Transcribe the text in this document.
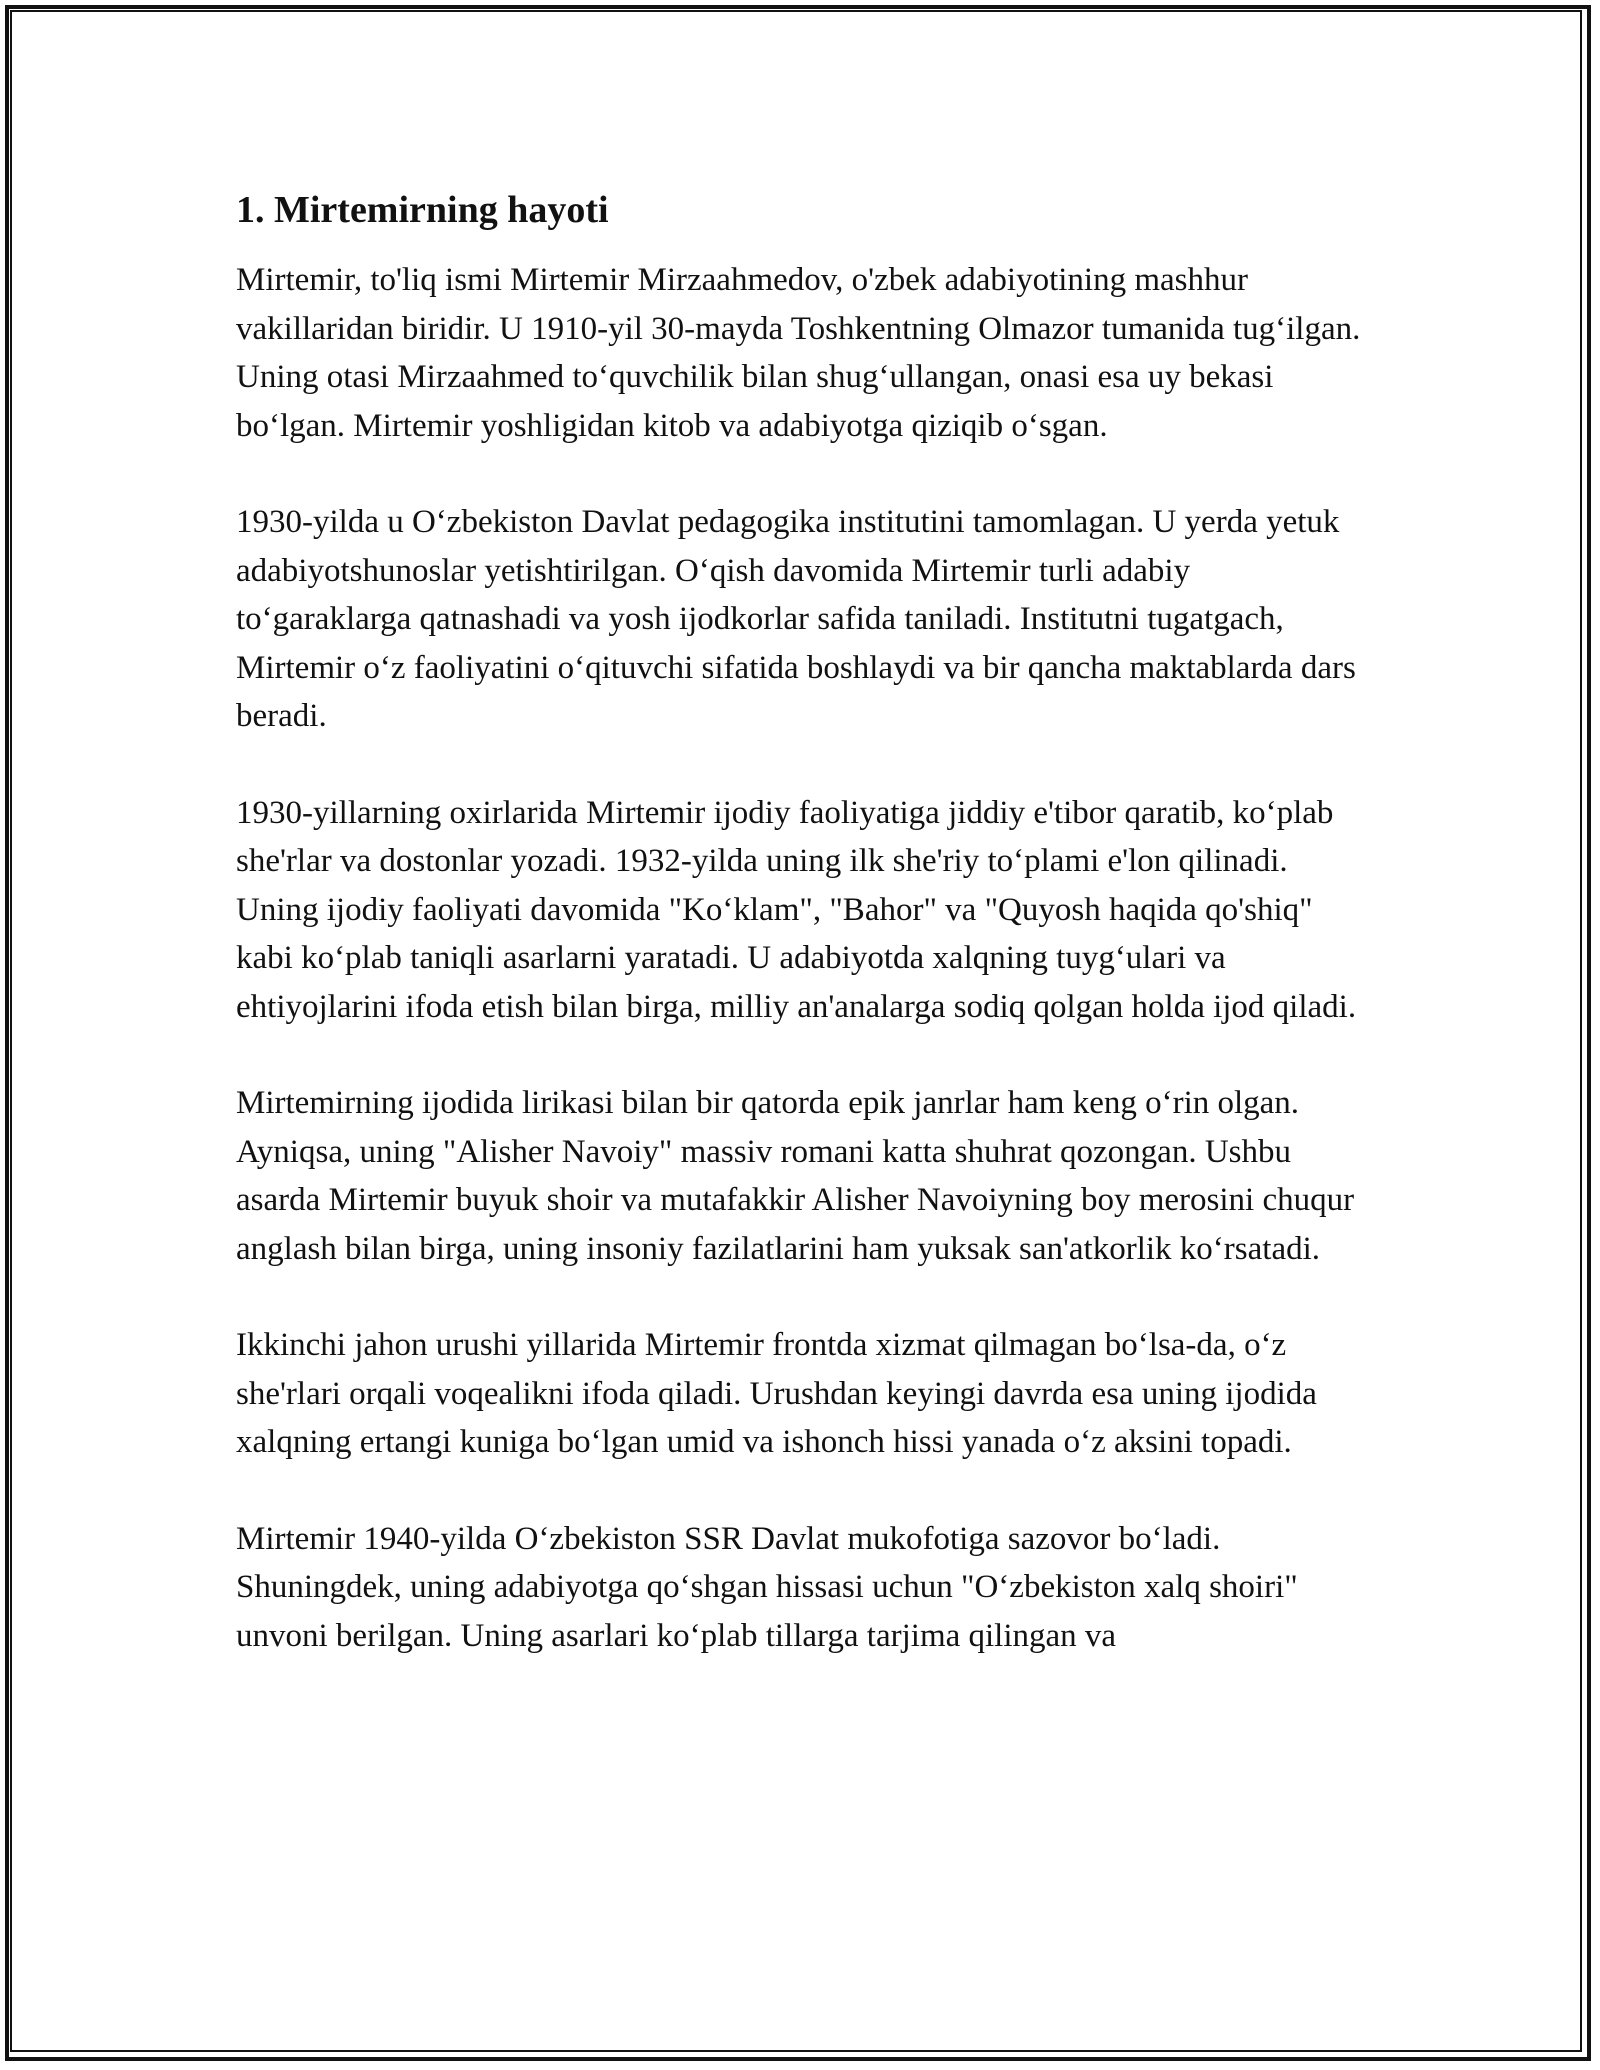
1. Mirtemirning hayoti

Mirtemir, to'liq ismi Mirtemir Mirzaahmedov, o'zbek adabiyotining mashhur vakillaridan biridir. U 1910-yil 30-mayda Toshkentning Olmazor tumanida tugʻilgan. Uning otasi Mirzaahmed toʻquvchilik bilan shugʻullangan, onasi esa uy bekasi boʻlgan. Mirtemir yoshligidan kitob va adabiyotga qiziqib oʻsgan.

1930-yilda u Oʻzbekiston Davlat pedagogika institutini tamomlagan. U yerda yetuk adabiyotshunoslar yetishtirilgan. Oʻqish davomida Mirtemir turli adabiy toʻgaraklarga qatnashadi va yosh ijodkorlar safida taniladi. Institutni tugatgach, Mirtemir oʻz faoliyatini oʻqituvchi sifatida boshlaydi va bir qancha maktablarda dars beradi.

1930-yillarning oxirlarida Mirtemir ijodiy faoliyatiga jiddiy e'tibor qaratib, koʻplab she'rlar va dostonlar yozadi. 1932-yilda uning ilk she'riy toʻplami e'lon qilinadi. Uning ijodiy faoliyati davomida "Koʻklam", "Bahor" va "Quyosh haqida qo'shiq" kabi koʻplab taniqli asarlarni yaratadi. U adabiyotda xalqning tuygʻulari va ehtiyojlarini ifoda etish bilan birga, milliy an'analarga sodiq qolgan holda ijod qiladi.

Mirtemirning ijodida lirikasi bilan bir qatorda epik janrlar ham keng oʻrin olgan. Ayniqsa, uning "Alisher Navoiy" massiv romani katta shuhrat qozongan. Ushbu asarda Mirtemir buyuk shoir va mutafakkir Alisher Navoiyning boy merosini chuqur anglash bilan birga, uning insoniy fazilatlarini ham yuksak san'atkorlik koʻrsatadi.

Ikkinchi jahon urushi yillarida Mirtemir frontda xizmat qilmagan boʻlsa-da, oʻz she'rlari orqali voqealikni ifoda qiladi. Urushdan keyingi davrda esa uning ijodida xalqning ertangi kuniga boʻlgan umid va ishonch hissi yanada oʻz aksini topadi.

Mirtemir 1940-yilda Oʻzbekiston SSR Davlat mukofotiga sazovor boʻladi. Shuningdek, uning adabiyotga qoʻshgan hissasi uchun "Oʻzbekiston xalq shoiri" unvoni berilgan. Uning asarlari koʻplab tillarga tarjima qilingan va
